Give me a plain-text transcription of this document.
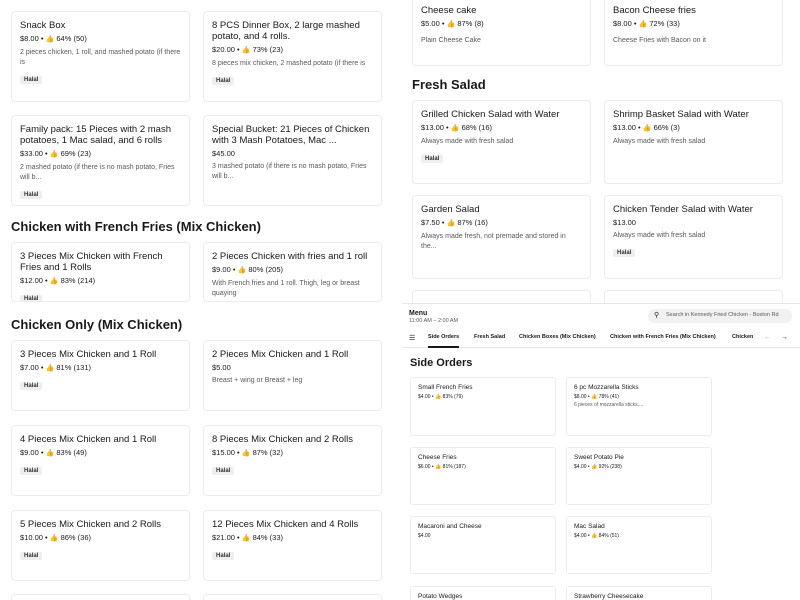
Snack Box
$8.00 • 👍 64% (50)
2 pieces chicken, 1 roll, and mashed potato (if there is
Halal
8 PCS Dinner Box, 2 large mashed potato, and 4 rolls.
$20.00 • 👍 73% (23)
8 pieces mix chicken, 2 mashed potato (if there is
Halal
Family pack: 15 Pieces with 2 mash potatoes, 1 Mac salad, and 6 rolls
$33.00 • 👍 69% (23)
2 mashed potato (if there is no mash potato, Fries will b...
Halal
Special Bucket: 21 Pieces of Chicken with 3 Mash Potatoes, Mac ...
$45.00
3 mashed potato (if there is no mash potato, Fries will b...
Chicken with French Fries (Mix Chicken)
3 Pieces Mix Chicken with French Fries and 1 Rolls
$12.00 • 👍 83% (214)
Halal
2 Pieces Chicken with fries and 1 roll
$9.00 • 👍 80% (205)
With French fries and 1 roll. Thigh, leg or breast quaying
Chicken Only (Mix Chicken)
3 Pieces Mix Chicken and 1 Roll
$7.00 • 👍 81% (131)
Halal
2 Pieces Mix Chicken and 1 Roll
$5.00
Breast + wing or Breast + leg
4 Pieces Mix Chicken and 1 Roll
$9.00 • 👍 83% (49)
Halal
8 Pieces Mix Chicken and 2 Rolls
$15.00 • 👍 87% (32)
Halal
5 Pieces Mix Chicken and 2 Rolls
$10.00 • 👍 86% (36)
Halal
12 Pieces Mix Chicken and 4 Rolls
$21.00 • 👍 84% (33)
Halal
Cheese cake
$5.00 • 👍 87% (8)
Plain Cheese Cake
Bacon Cheese fries
$8.00 • 👍 72% (33)
Cheese Fries with Bacon on it
Fresh Salad
Grilled Chicken Salad with Water
$13.00 • 👍 68% (16)
Always made with fresh salad
Halal
Shrimp Basket Salad with Water
$13.00 • 👍 66% (3)
Always made with fresh salad
Garden Salad
$7.50 • 👍 87% (16)
Always made fresh, not premade and stored in the...
Chicken Tender Salad with Water
$13.00
Always made with fresh salad
Halal
Menu
11:00 AM – 2:00 AM
⚲ Search in Kennedy Fried Chicken - Boston Rd
☰ Side Orders	Fresh Salad	Chicken Boxes (Mix Chicken)	Chicken with French Fries (Mix Chicken)	Chicken ← →
Side Orders
Small French Fries
$4.00 • 👍 83% (79)
6 pc Mozzarella Sticks
$8.00 • 👍 78% (41)
6 pieces of mozzarella sticks,...
Cheese Fries
$6.00 • 👍 81% (187)
Sweet Potato Pie
$4.00 • 👍 92% (238)
Macaroni and Cheese
$4.00
Mac Salad
$4.00 • 👍 84% (51)
Potato Wedges	Strawberry Cheesecake
